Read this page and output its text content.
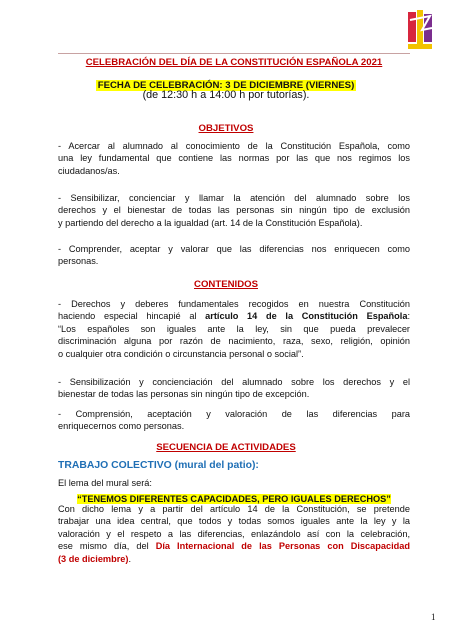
CELEBRACIÓN DEL DÍA DE LA CONSTITUCIÓN ESPAÑOLA 2021
FECHA DE CELEBRACIÓN: 3 DE DICIEMBRE (VIERNES)
(de 12:30 h a 14:00 h por tutorías).
OBJETIVOS
- Acercar al alumnado al conocimiento de la Constitución Española, como
una ley fundamental que contiene las normas por las que nos regimos los
ciudadanos/as.
- Sensibilizar, concienciar y llamar la atención del alumnado sobre los
derechos y el bienestar de todas las personas sin ningún tipo de exclusión
y partiendo del derecho a la igualdad (art. 14 de la Constitución Española).
- Comprender, aceptar y valorar que las diferencias nos enriquecen como
personas.
CONTENIDOS
- Derechos y deberes fundamentales recogidos en nuestra Constitución
haciendo especial hincapié al artículo 14 de la Constitución Española:
“Los españoles son iguales ante la ley, sin que pueda prevalecer
discriminación alguna por razón de nacimiento, raza, sexo, religión, opinión
o cualquier otra condición o circunstancia personal o social”.
- Sensibilización y concienciación del alumnado sobre los derechos y el
bienestar de todas las personas sin ningún tipo de excepción.
- Comprensión, aceptación y valoración de las diferencias para
enriquecernos como personas.
SECUENCIA DE ACTIVIDADES
TRABAJO COLECTIVO (mural del patio):
El lema del mural será:
“TENEMOS DIFERENTES CAPACIDADES, PERO IGUALES DERECHOS”
Con dicho lema y a partir del artículo 14 de la Constitución, se pretende
trabajar una idea central, que todos y todas somos iguales ante la ley y la
valoración y el respeto a las diferencias, enlazándolo así con la celebración,
ese mismo día, del Día Internacional de las Personas con Discapacidad
(3 de diciembre).
1
